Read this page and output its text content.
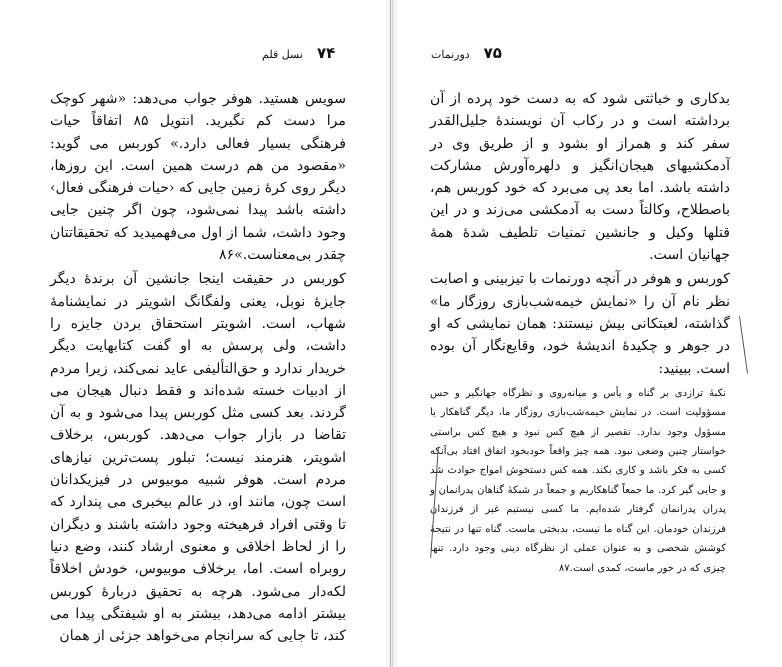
۷۴
نسل قلم

سویس هستید. هوفر جواب می‌دهد: «شهر کوچک مرا دست کم نگیرید. انتویل ۸۵ اتفاقاً حیات فرهنگی بسیار فعالی دارد.» کوربس می گوید: «مقصود من هم درست همین است. این روزها، دیگر روی کرهٔ زمین جایی که ‹حیات فرهنگی فعال› داشته باشد پیدا نمی‌شود، چون اگر چنین جایی وجود داشت، شما از اول می‌فهمیدید که تحقیقاتتان چقدر بی‌معناست.»۸۶

کوربس در حقیقت اینجا جانشین آن برندهٔ دیگر جایزهٔ نوبل، یعنی ولفگانگ اشویتر در نمایشنامهٔ شهاب، است. اشویتر استحقاق بردن جایزه را داشت، ولی پرسش به او گفت کتابهایت دیگر خریدار ندارد و حق‌التألیفی عاید نمی‌کند، زیرا مردم از ادبیات خسته شده‌اند و فقط دنبال هیجان می گردند. بعد کسی مثل کوربس پیدا می‌شود و به آن تقاضا در بازار جواب می‌دهد. کوربس، برخلاف اشویتر، هنرمند نیست؛ تبلور پست‌ترین نیازهای مردم است. هوفر شبیه موبیوس در فیزیکدانان است چون، مانند او، در عالم بیخبری می پندارد که تا وقتی افراد فرهیخته وجود داشته باشند و دیگران را از لحاظ اخلاقی و معنوی ارشاد کنند، وضع دنیا روبراه است. اما، برخلاف موبیوس، خودش اخلاقاً لکه‌دار می‌شود. هرچه به تحقیق دربارهٔ کوربس بیشتر ادامه می‌دهد، بیشتر به او شیفتگی پیدا می کند، تا جایی که سرانجام می‌خواهد جزئی از همان

۷۵
دورنمات

بدکاری و خباثتی شود که به دست خود پرده از آن برداشته است و در رکاب آن نویسندهٔ جلیل‌القدر سفر کند و همراز او بشود و از طریق وی در آدمکشیهای هیجان‌انگیز و دلهره‌آورش مشارکت داشته باشد. اما بعد پی می‌برد که خود کوربس هم، باصطلاح، وکالتاً دست به آدمکشی می‌زند و در این قتلها وکیل و جانشین تمنیات تلطیف شدهٔ همهٔ جهانیان است.

کوربس و هوفر در آنچه دورنمات با تیزبینی و اصابت نظر نام آن را «نمایش خیمه‌شب‌بازی روزگار ما» گذاشته، لعبتکانی بیش نیستند: همان نمایشی که او در جوهر و چکیدهٔ اندیشهٔ خود، وقایع‌نگار آن بوده است. ببینید:

نکبهٔ ترازدی بر گناه و یأس و میانه‌روی و نظرگاه جهانگیر و حس مسؤولیت است. در نمایش خیمه‌شب‌بازی روزگار ما، دیگر گناهکار یا مسؤول وجود ندارد. تقصیر از هیچ کس نبود و هیچ کس براستی خواستار چنین وضعی نبود. همه چیز واقعاً خودبخود اتفاق افتاد بی‌آنکه کسی به فکر باشد و کاری بکند. همه کس دستخوش امواج حوادث شد و جایی گیر کرد. ما جمعاً گناهکاریم و جمعاً در شبکهٔ گناهان پدرانمان و پدران پدرانمان گرفتار شده‌ایم. ما کسی نیستیم غیر از فرزندان فرزندان خودمان. این گناه ما نیست، بدبختی ماست. گناه تنها در نتیجهٔ کوشش شخصی و به عنوان عملی از نظرگاه دینی وجود دارد. تنها چیزی که در خور ماست، کمدی است.۸۷
